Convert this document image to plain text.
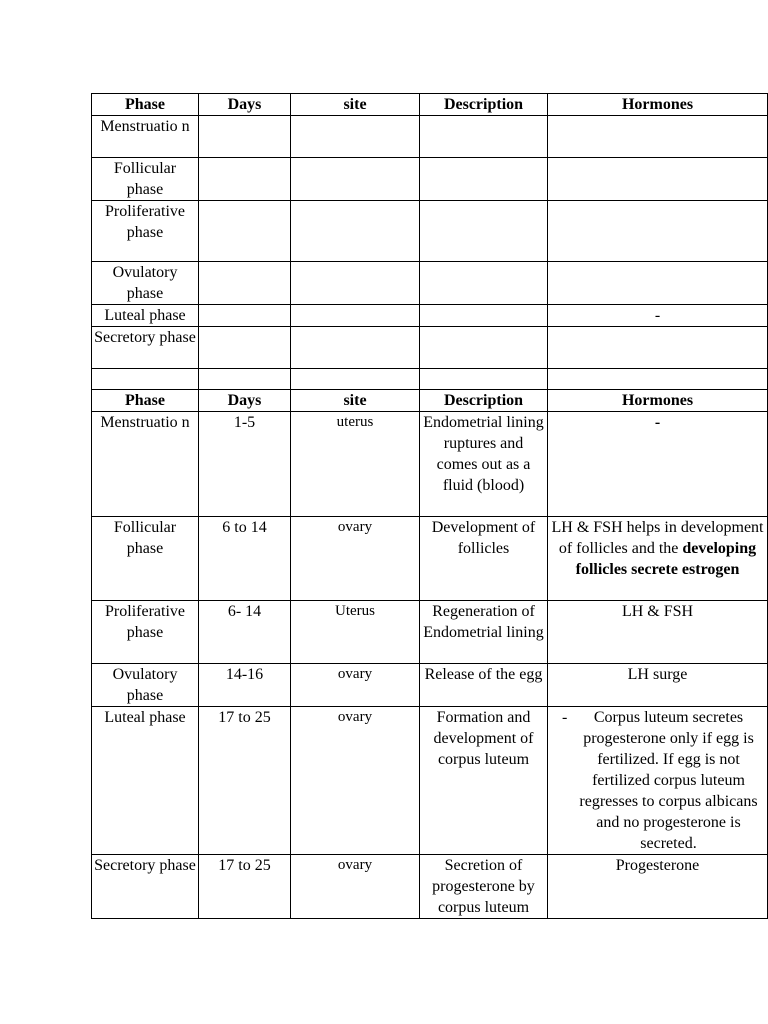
Phase	Days	site	Description	Hormones
Menstruatio n				
Follicular phase				
Proliferative phase				
Ovulatory phase				
Luteal phase				-
Secretory phase				

Phase	Days	site	Description	Hormones
Menstruatio n	1-5	uterus	Endometrial lining ruptures and comes out as a fluid (blood)	-
Follicular phase	6 to 14	ovary	Development of follicles	LH & FSH helps in development of follicles and the developing follicles secrete estrogen
Proliferative phase	6- 14	Uterus	Regeneration of Endometrial lining	LH & FSH
Ovulatory phase	14-16	ovary	Release of the egg	LH surge
Luteal phase	17 to 25	ovary	Formation and development of corpus luteum	- Corpus luteum secretes progesterone only if egg is fertilized. If egg is not fertilized corpus luteum regresses to corpus albicans and no progesterone is secreted.

Secretory phase	17 to 25	ovary	Secretion of progesterone by corpus luteum	Progesterone
